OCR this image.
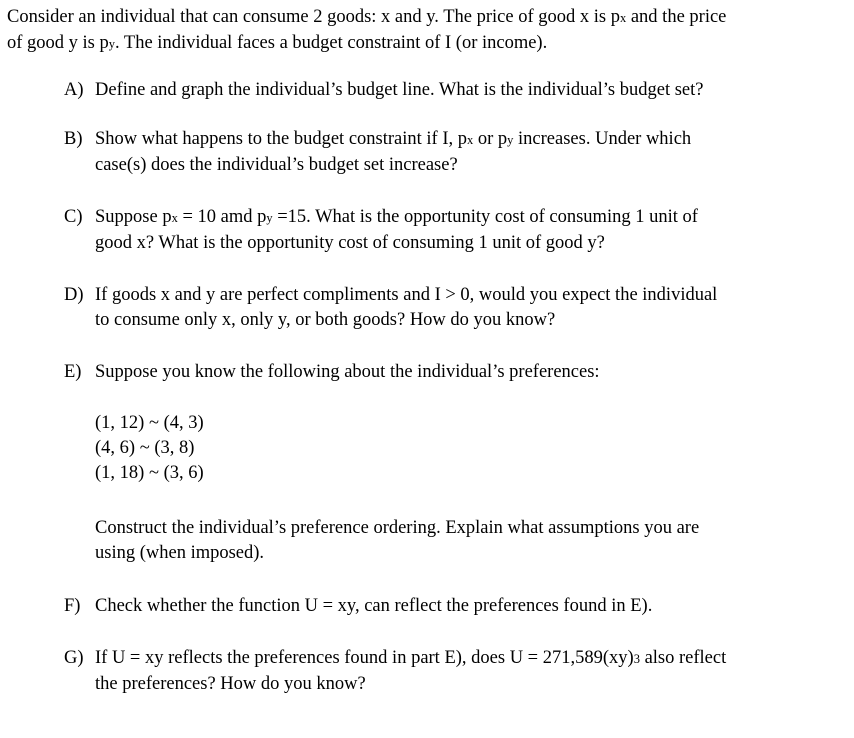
Consider an individual that can consume 2 goods: x and y. The price of good x is px and the price
of good y is py. The individual faces a budget constraint of I (or income).
A) Define and graph the individual’s budget line. What is the individual’s budget set?
B) Show what happens to the budget constraint if I, px or py increases. Under which
case(s) does the individual’s budget set increase?
C) Suppose px = 10 amd py =15. What is the opportunity cost of consuming 1 unit of
good x? What is the opportunity cost of consuming 1 unit of good y?
D) If goods x and y are perfect compliments and I > 0, would you expect the individual
to consume only x, only y, or both goods? How do you know?
E) Suppose you know the following about the individual’s preferences:
(1, 12) ~ (4, 3)
(4, 6) ~ (3, 8)
(1, 18) ~ (3, 6)
Construct the individual’s preference ordering. Explain what assumptions you are
using (when imposed).
F) Check whether the function U = xy, can reflect the preferences found in E).
G) If U = xy reflects the preferences found in part E), does U = 271,589(xy)3 also reflect
the preferences? How do you know?
